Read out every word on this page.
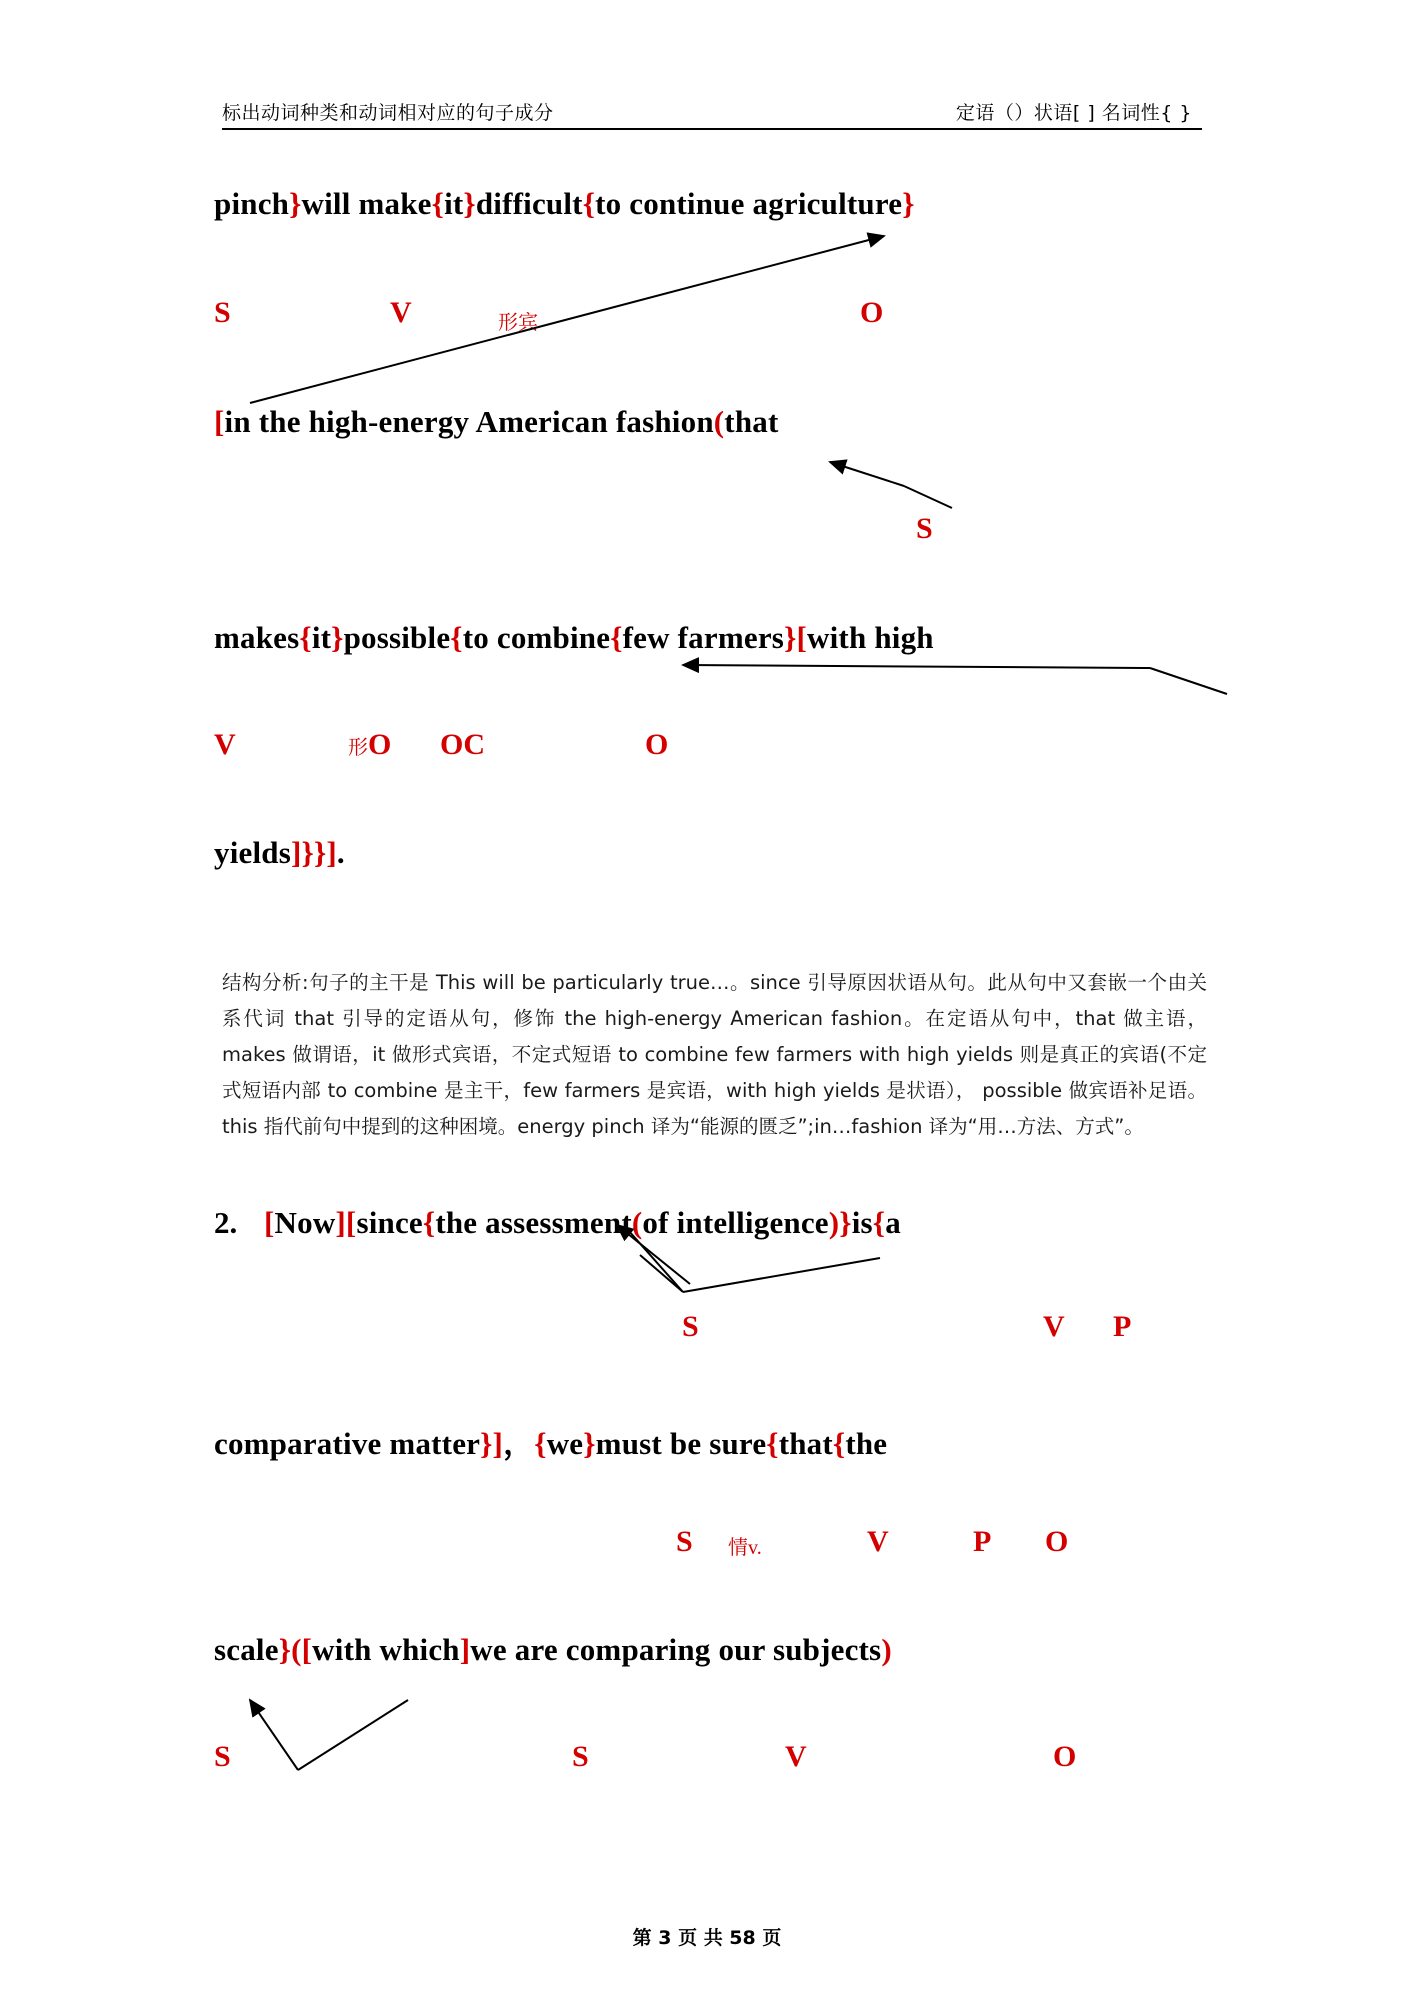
标出动词种类和动词相对应的句子成分	定语（）状语[ ] 名词性{ }
pinch}will make{it}difficult{to continue agriculture}
S	V	形宾	O
[in the high-energy American fashion(that
S
makes{it}possible{to combine{few farmers}[with high
V	形O OC	O
yields]}}].
结构分析:句子的主干是 This will be particularly true…。since 引导原因状语从句。此从句中又套嵌一个由关系代词 that 引导的定语从句，修饰 the high-energy American fashion。在定语从句中，that 做主语，makes 做谓语，it 做形式宾语，不定式短语 to combine few farmers with high yields 则是真正的宾语(不定式短语内部 to combine 是主干，few farmers 是宾语，with high yields 是状语）， possible 做宾语补足语。this 指代前句中提到的这种困境。energy pinch 译为“能源的匮乏”;in…fashion 译为“用…方法、方式”。
2. [Now][since{the assessment(of intelligence)}is{a
S	V P
comparative matter}]，{we}must be sure{that{the
S 情v.	V	P O
scale}([with which]we are comparing our subjects)
S	S	V	O
第 3 页 共 58 页
